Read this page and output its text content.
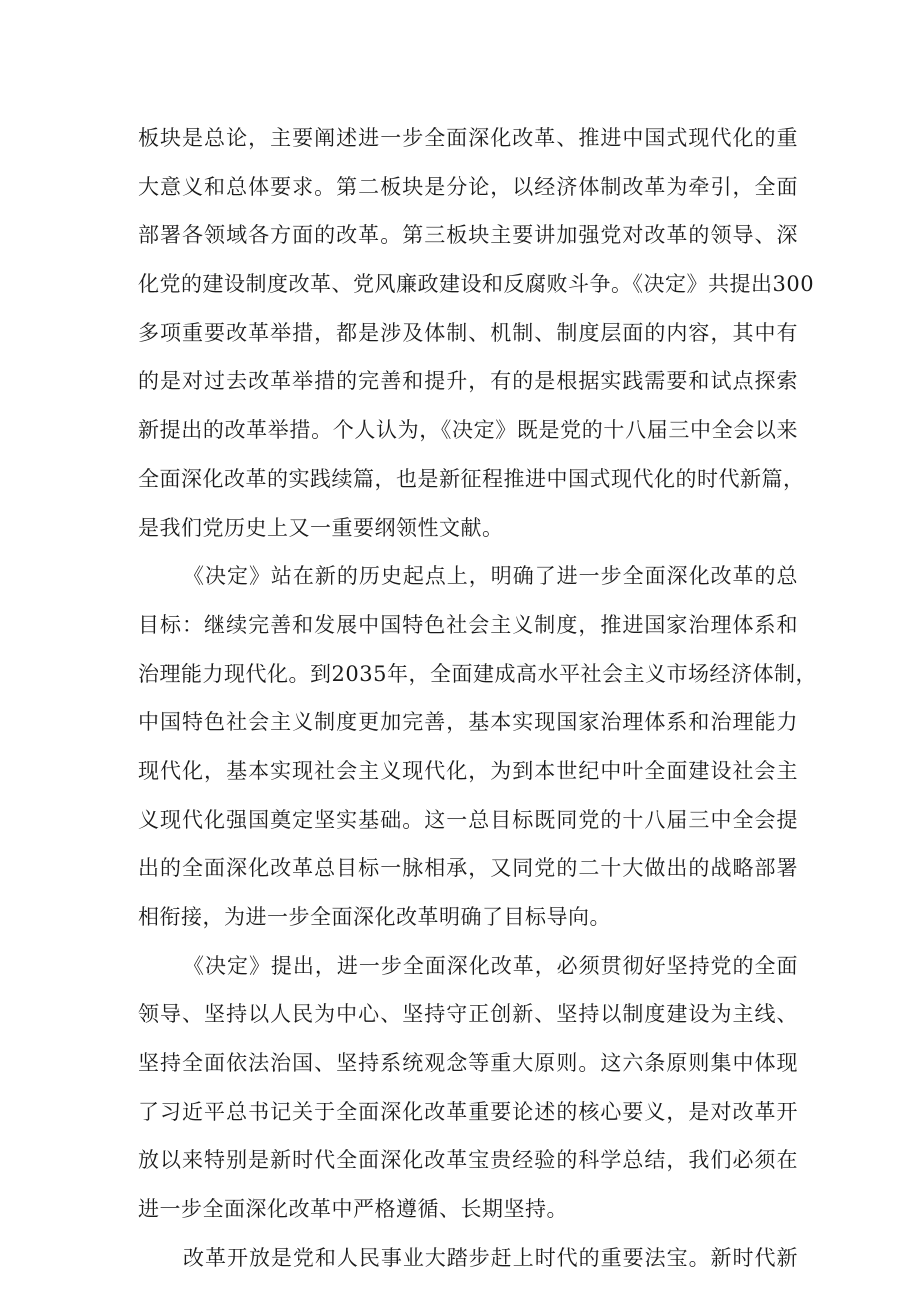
板块是总论，主要阐述进一步全面深化改革、推进中国式现代化的重
大意义和总体要求。第二板块是分论，以经济体制改革为牵引，全面
部署各领域各方面的改革。第三板块主要讲加强党对改革的领导、深
化党的建设制度改革、党风廉政建设和反腐败斗争。《决定》共提出300
多项重要改革举措，都是涉及体制、机制、制度层面的内容，其中有
的是对过去改革举措的完善和提升，有的是根据实践需要和试点探索
新提出的改革举措。个人认为，《决定》既是党的十八届三中全会以来
全面深化改革的实践续篇，也是新征程推进中国式现代化的时代新篇，
是我们党历史上又一重要纲领性文献。
《决定》站在新的历史起点上，明确了进一步全面深化改革的总
目标：继续完善和发展中国特色社会主义制度，推进国家治理体系和
治理能力现代化。到2035年，全面建成高水平社会主义市场经济体制，
中国特色社会主义制度更加完善，基本实现国家治理体系和治理能力
现代化，基本实现社会主义现代化，为到本世纪中叶全面建设社会主
义现代化强国奠定坚实基础。这一总目标既同党的十八届三中全会提
出的全面深化改革总目标一脉相承，又同党的二十大做出的战略部署
相衔接，为进一步全面深化改革明确了目标导向。
《决定》提出，进一步全面深化改革，必须贯彻好坚持党的全面
领导、坚持以人民为中心、坚持守正创新、坚持以制度建设为主线、
坚持全面依法治国、坚持系统观念等重大原则。这六条原则集中体现
了习近平总书记关于全面深化改革重要论述的核心要义，是对改革开
放以来特别是新时代全面深化改革宝贵经验的科学总结，我们必须在
进一步全面深化改革中严格遵循、长期坚持。
改革开放是党和人民事业大踏步赶上时代的重要法宝。新时代新
